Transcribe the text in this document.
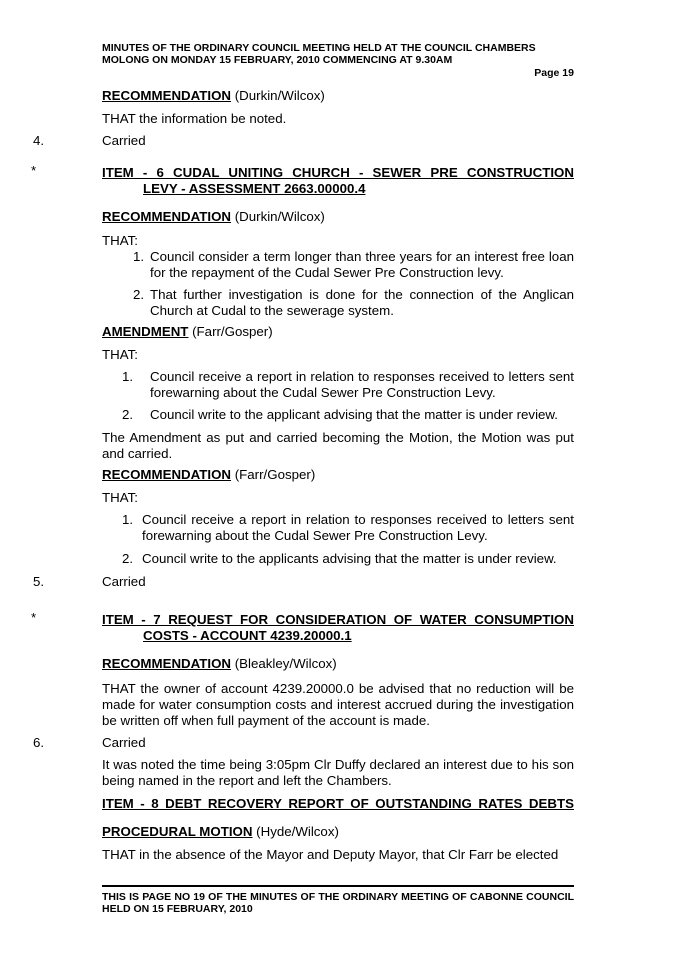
MINUTES OF THE ORDINARY COUNCIL MEETING HELD AT THE COUNCIL CHAMBERS
MOLONG ON MONDAY 15 FEBRUARY, 2010 COMMENCING AT 9.30AM
Page 19
RECOMMENDATION (Durkin/Wilcox)
THAT the information be noted.
4.	Carried
*	ITEM - 6 CUDAL UNITING CHURCH - SEWER PRE CONSTRUCTION
LEVY - ASSESSMENT 2663.00000.4
RECOMMENDATION (Durkin/Wilcox)
THAT:
1. Council consider a term longer than three years for an interest free loan for the repayment of the Cudal Sewer Pre Construction levy.
2. That further investigation is done for the connection of the Anglican Church at Cudal to the sewerage system.
AMENDMENT (Farr/Gosper)
THAT:
1.	Council receive a report in relation to responses received to letters sent forewarning about the Cudal Sewer Pre Construction Levy.
2.	Council write to the applicant advising that the matter is under review.
The Amendment as put and carried becoming the Motion, the Motion was put and carried.
RECOMMENDATION (Farr/Gosper)
THAT:
1. Council receive a report in relation to responses received to letters sent forewarning about the Cudal Sewer Pre Construction Levy.
2. Council write to the applicants advising that the matter is under review.
5.	Carried
*	ITEM - 7 REQUEST FOR CONSIDERATION OF WATER CONSUMPTION
COSTS - ACCOUNT 4239.20000.1
RECOMMENDATION (Bleakley/Wilcox)
THAT the owner of account 4239.20000.0 be advised that no reduction will be made for water consumption costs and interest accrued during the investigation be written off when full payment of the account is made.
6.	Carried
It was noted the time being 3:05pm Clr Duffy declared an interest due to his son being named in the report and left the Chambers.
ITEM - 8 DEBT RECOVERY REPORT OF OUTSTANDING RATES DEBTS
PROCEDURAL MOTION (Hyde/Wilcox)
THAT in the absence of the Mayor and Deputy Mayor, that Clr Farr be elected
THIS IS PAGE NO 19 OF THE MINUTES OF THE ORDINARY MEETING OF CABONNE COUNCIL HELD ON 15 FEBRUARY, 2010
